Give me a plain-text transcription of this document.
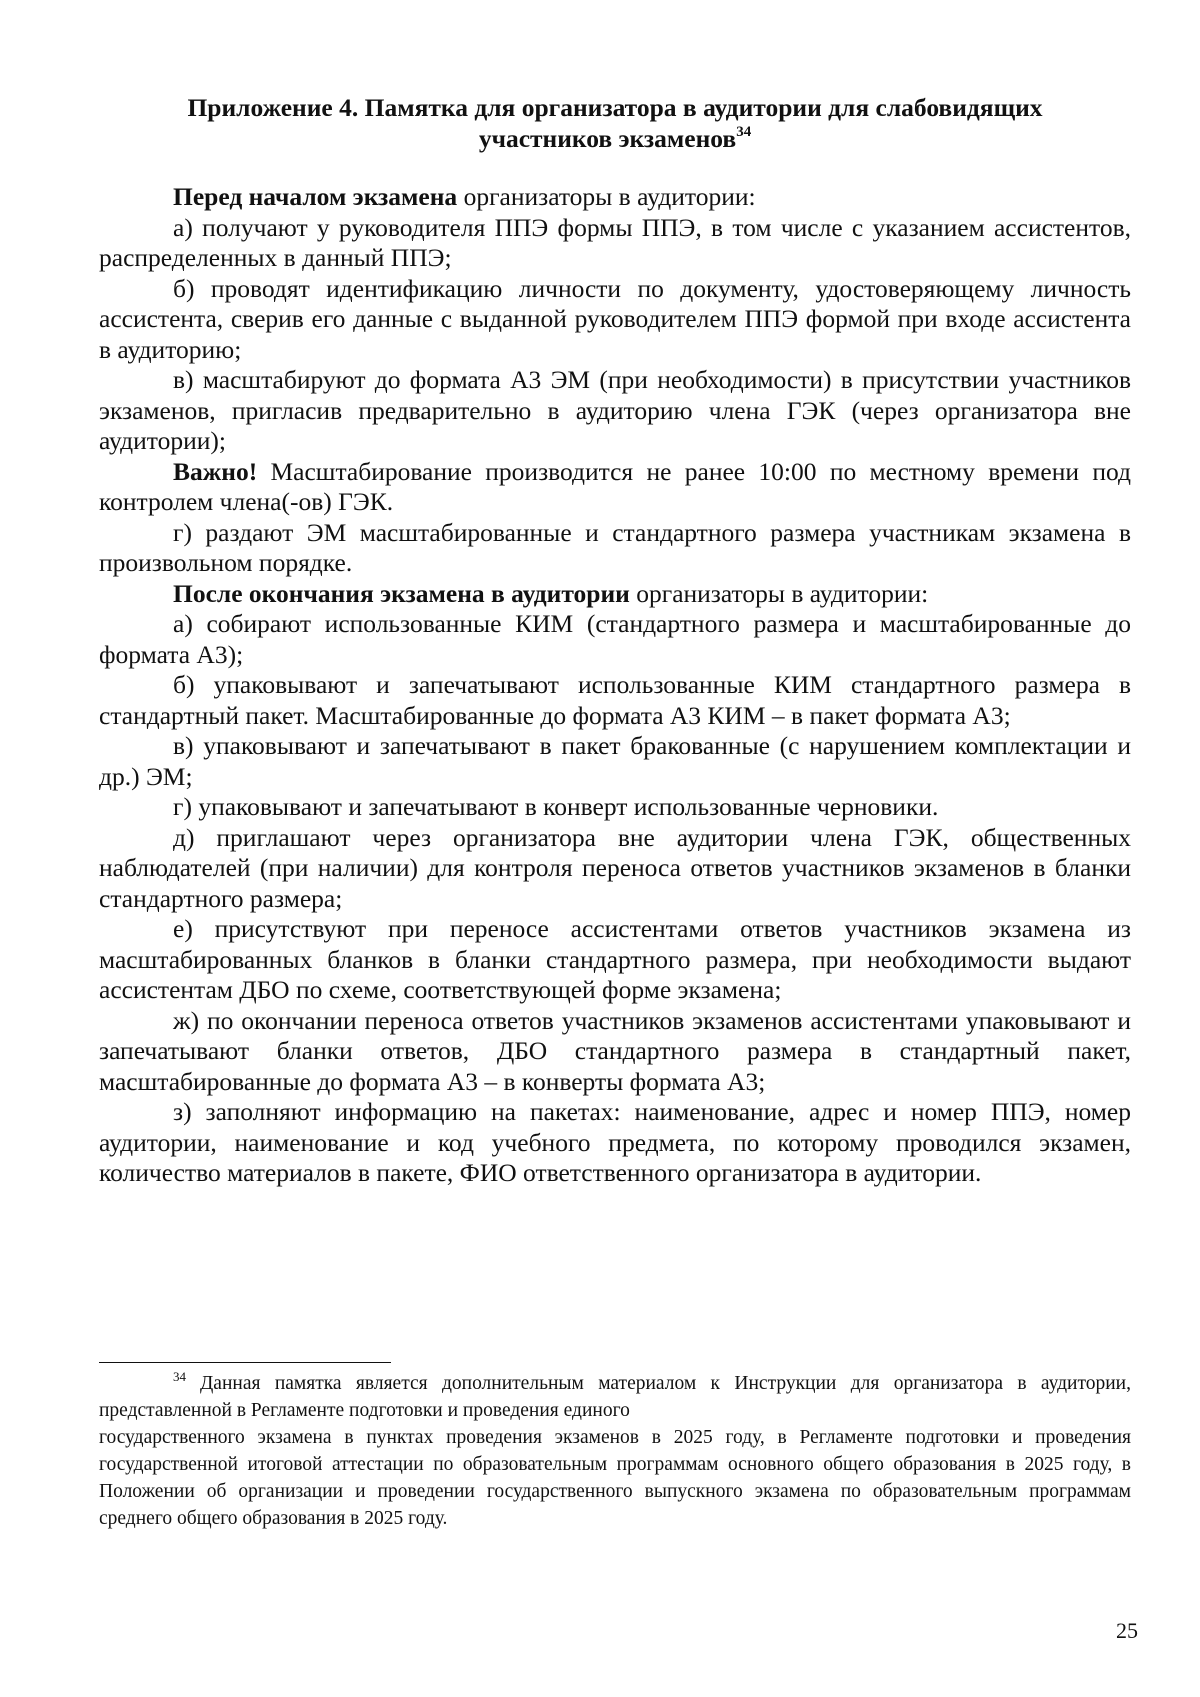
Приложение 4. Памятка для организатора в аудитории для слабовидящих
участников экзаменов$^{34}$

Перед началом экзамена организаторы в аудитории:

а) получают у руководителя ППЭ формы ППЭ, в том числе с указанием ассистентов, распределенных в данный ППЭ;

б) проводят идентификацию личности по документу, удостоверяющему личность ассистента, сверив его данные с выданной руководителем ППЭ формой при входе ассистента в аудиторию;

в) масштабируют до формата А3 ЭМ (при необходимости) в присутствии участников экзаменов, пригласив предварительно в аудиторию члена ГЭК (через организатора вне аудитории);

Важно! Масштабирование производится не ранее 10:00 по местному времени под контролем члена(-ов) ГЭК.

г) раздают ЭМ масштабированные и стандартного размера участникам экзамена в произвольном порядке.

После окончания экзамена в аудитории организаторы в аудитории:

а) собирают использованные КИМ (стандартного размера и масштабированные до формата А3);

б) упаковывают и запечатывают использованные КИМ стандартного размера в стандартный пакет. Масштабированные до формата А3 КИМ – в пакет формата А3;

в) упаковывают и запечатывают в пакет бракованные (с нарушением комплектации и др.) ЭМ;

г) упаковывают и запечатывают в конверт использованные черновики.

д) приглашают через организатора вне аудитории члена ГЭК, общественных наблюдателей (при наличии) для контроля переноса ответов участников экзаменов в бланки стандартного размера;

е) присутствуют при переносе ассистентами ответов участников экзамена из масштабированных бланков в бланки стандартного размера, при необходимости выдают ассистентам ДБО по схеме, соответствующей форме экзамена;

ж) по окончании переноса ответов участников экзаменов ассистентами упаковывают и запечатывают бланки ответов, ДБО стандартного размера в стандартный пакет, масштабированные до формата А3 – в конверты формата А3;

з) заполняют информацию на пакетах: наименование, адрес и номер ППЭ, номер аудитории, наименование и код учебного предмета, по которому проводился экзамен, количество материалов в пакете, ФИО ответственного организатора в аудитории.

$^{34}$ Данная памятка является дополнительным материалом к Инструкции для организатора в аудитории, представленной в Регламенте подготовки и проведения единого

государственного экзамена в пунктах проведения экзаменов в 2025 году, в Регламенте подготовки и проведения государственной итоговой аттестации по образовательным программам основного общего образования в 2025 году, в Положении об организации и проведении государственного выпускного экзамена по образовательным программам среднего общего образования в 2025 году.
25
